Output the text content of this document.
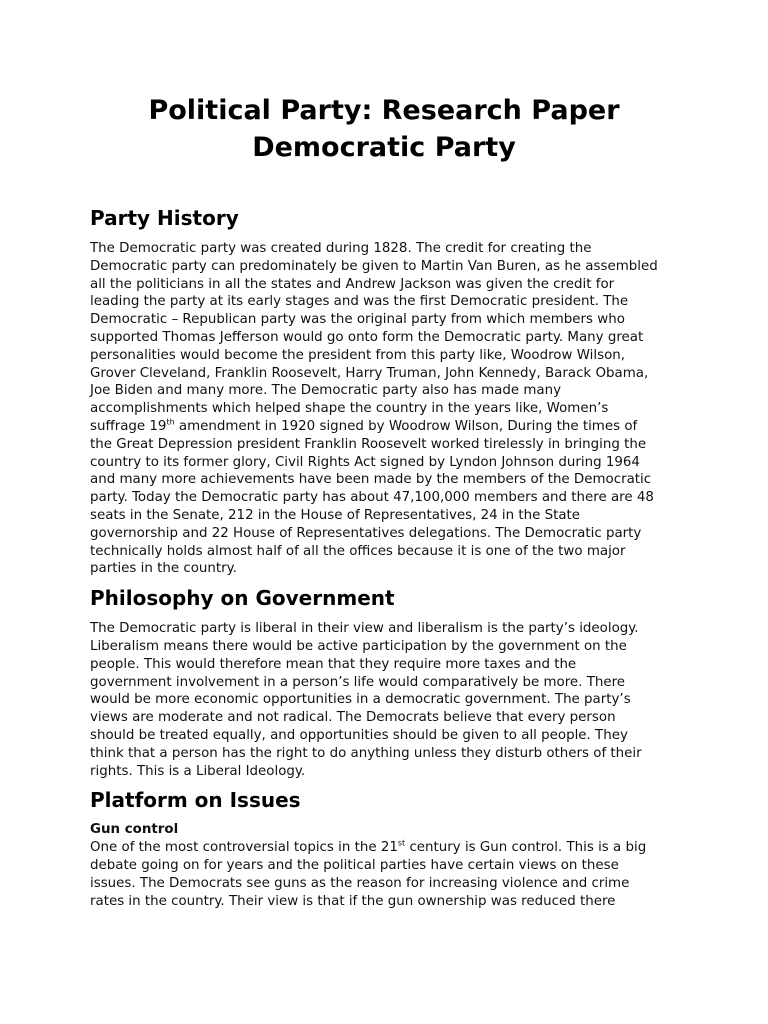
Political Party: Research Paper
Democratic Party
Party History

The Democratic party was created during 1828. The credit for creating the
Democratic party can predominately be given to Martin Van Buren, as he assembled
all the politicians in all the states and Andrew Jackson was given the credit for
leading the party at its early stages and was the first Democratic president. The
Democratic – Republican party was the original party from which members who
supported Thomas Jefferson would go onto form the Democratic party. Many great
personalities would become the president from this party like, Woodrow Wilson,
Grover Cleveland, Franklin Roosevelt, Harry Truman, John Kennedy, Barack Obama,
Joe Biden and many more. The Democratic party also has made many
accomplishments which helped shape the country in the years like, Women’s
suffrage 19th amendment in 1920 signed by Woodrow Wilson, During the times of
the Great Depression president Franklin Roosevelt worked tirelessly in bringing the
country to its former glory, Civil Rights Act signed by Lyndon Johnson during 1964
and many more achievements have been made by the members of the Democratic
party. Today the Democratic party has about 47,100,000 members and there are 48
seats in the Senate, 212 in the House of Representatives, 24 in the State
governorship and 22 House of Representatives delegations. The Democratic party
technically holds almost half of all the offices because it is one of the two major
parties in the country.

Philosophy on Government

The Democratic party is liberal in their view and liberalism is the party’s ideology.
Liberalism means there would be active participation by the government on the
people. This would therefore mean that they require more taxes and the
government involvement in a person’s life would comparatively be more. There
would be more economic opportunities in a democratic government. The party’s
views are moderate and not radical. The Democrats believe that every person
should be treated equally, and opportunities should be given to all people. They
think that a person has the right to do anything unless they disturb others of their
rights. This is a Liberal Ideology.

Platform on Issues

Gun control

One of the most controversial topics in the 21st century is Gun control. This is a big
debate going on for years and the political parties have certain views on these
issues. The Democrats see guns as the reason for increasing violence and crime
rates in the country. Their view is that if the gun ownership was reduced there
